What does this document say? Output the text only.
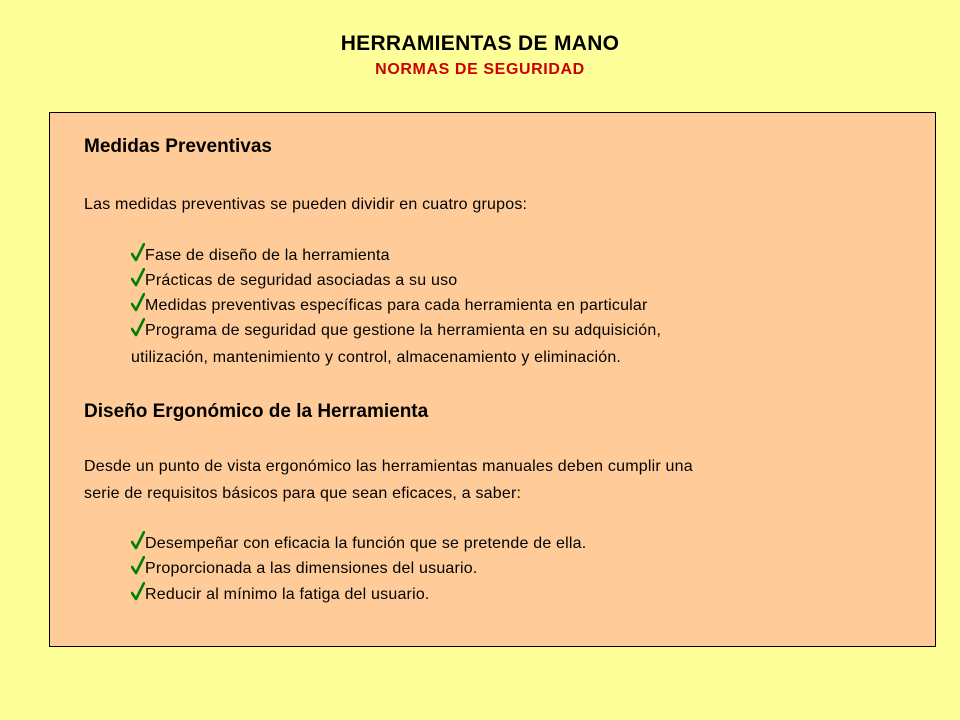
HERRAMIENTAS DE MANO
NORMAS DE SEGURIDAD
Medidas Preventivas
Las medidas preventivas se pueden dividir en cuatro grupos:
Fase de diseño de la herramienta
Prácticas de seguridad asociadas a su uso
Medidas preventivas específicas para cada herramienta en particular
Programa de seguridad que gestione la herramienta en su adquisición,
utilización, mantenimiento y control, almacenamiento y eliminación.
Diseño Ergonómico de la Herramienta
Desde un punto de vista ergonómico las herramientas manuales deben cumplir una
serie de requisitos básicos para que sean eficaces, a saber:
Desempeñar con eficacia la función que se pretende de ella.
Proporcionada a las dimensiones del usuario.
Reducir al mínimo la fatiga del usuario.
